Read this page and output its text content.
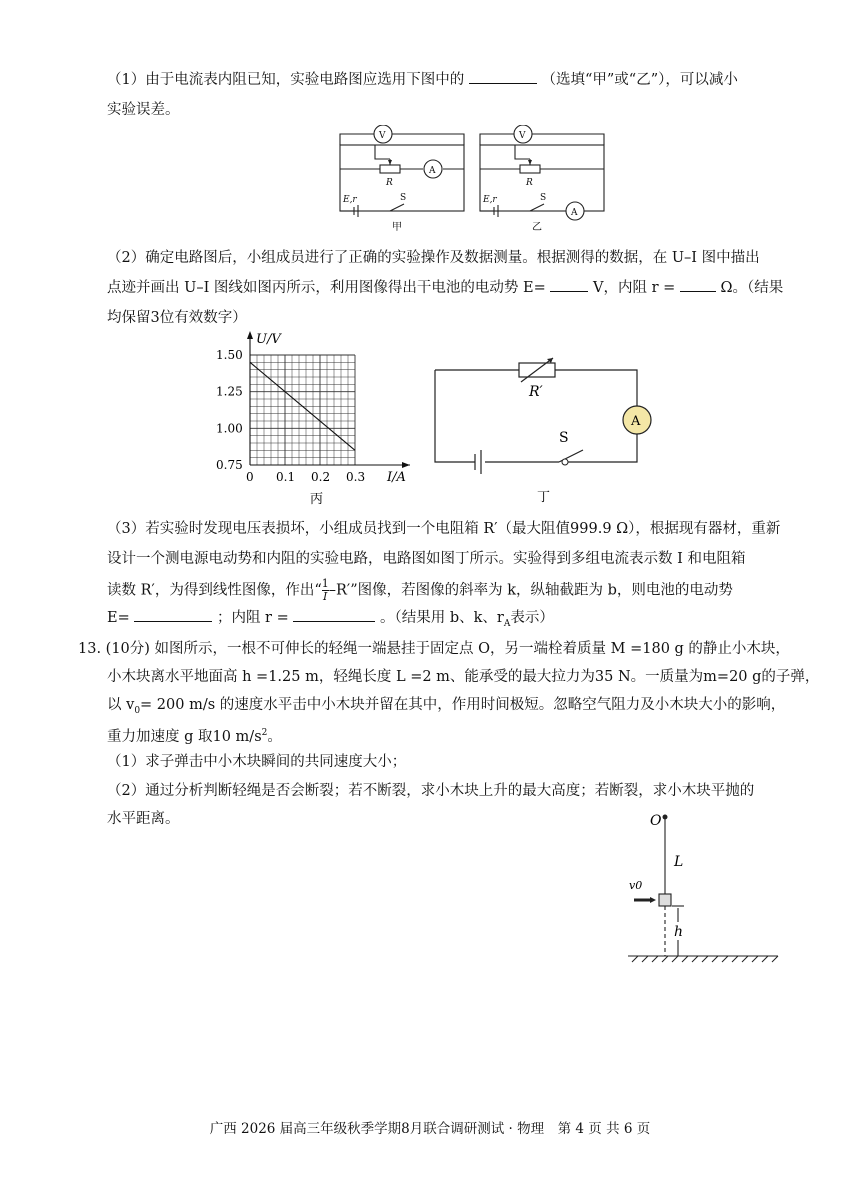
（1）由于电流表内阻已知，实验电路图应选用下图中的	（选填“甲”或“乙”），可以减小
实验误差。
V
A
R
E,r	S
V
R
E,r	S
A
甲	乙
（2）确定电路图后，小组成员进行了正确的实验操作及数据测量。根据测得的数据，在 U–I 图中描出
点迹并画出 U–I 图线如图丙所示，利用图像得出干电池的电动势 E=	V，内阻 r =	Ω。（结果
均保留3位有效数字）
U/V
I/A
0 0.1 0.2 0.3
0.75
1.00
1.25
1.50
丙
A
R′
S
丁
（3）若实验时发现电压表损坏，小组成员找到一个电阻箱 R′（最大阻值999.9 Ω），根据现有器材，重新
设计一个测电源电动势和内阻的实验电路，电路图如图丁所示。实验得到多组电流表示数 I 和电阻箱
读数 R′，为得到线性图像，作出“ $\frac{1}{I} -R'$”图像，若图像的斜率为 k，纵轴截距为 b，则电池的电动势
E=	；内阻 r =	。（结果用 b、k、$r_A$表示）
13. (10分) 如图所示，一根不可伸长的轻绳一端悬挂于固定点 O，另一端栓着质量 M =180 g 的静止小木块，
小木块离水平地面高 h =1.25 m，轻绳长度 L =2 m、能承受的最大拉力为35 N。一质量为m=20 g的子弹，
以 $v_0= 200$ m/s 的速度水平击中小木块并留在其中，作用时间极短。忽略空气阻力及小木块大小的影响，
重力加速度 g 取10 $m/s^2$。
（1）求子弹击中小木块瞬间的共同速度大小；
（2）通过分析判断轻绳是否会断裂；若不断裂，求小木块上升的最大高度；若断裂，求小木块平抛的
水平距离。	O
L
v0
h
广西 2026 届高三年级秋季学期8月联合调研测试 · 物理　第 4 页 共 6 页
